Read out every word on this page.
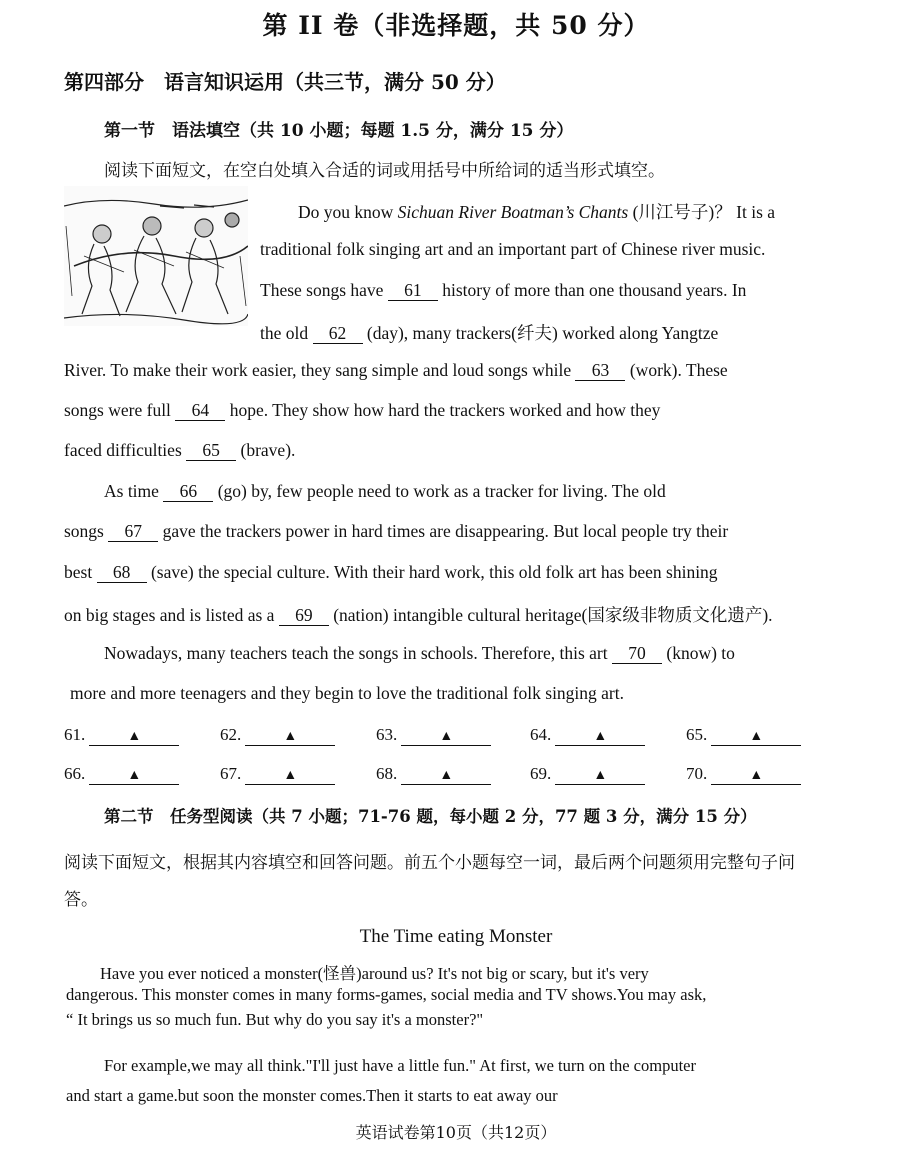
第 II 卷（非选择题，共 50 分）
第四部分　语言知识运用（共三节，满分 50 分）
第一节　语法填空（共 10 小题；每题 1.5 分，满分 15 分）
阅读下面短文，在空白处填入合适的词或用括号中所给词的适当形式填空。
Do you know Sichuan River Boatman’s Chants (川江号子)？ It is a
traditional folk singing art and an important part of Chinese river music.
These songs have 61 history of more than one thousand years. In
the old 62 (day), many trackers(纤夫) worked along Yangtze
River. To make their work easier, they sang simple and loud songs while 63 (work). These
songs were full 64 hope. They show how hard the trackers worked and how they
faced difficulties 65 (brave).
As time 66 (go) by, few people need to work as a tracker for living. The old
songs 67 gave the trackers power in hard times are disappearing. But local people try their
best 68 (save) the special culture. With their hard work, this old folk art has been shining
on big stages and is listed as a 69 (nation) intangible cultural heritage(国家级非物质文化遗产).
Nowadays, many teachers teach the songs in schools. Therefore, this art 70 (know) to
more and more teenagers and they begin to love the traditional folk singing art.
61.	▲	62.	▲	63.	▲	64.	▲	65.	▲
66.	▲	67.	▲	68.	▲	69.	▲	70.	▲
第二节　任务型阅读（共 7 小题；71-76 题，每小题 2 分，77 题 3 分，满分 15 分）
阅读下面短文，根据其内容填空和回答问题。前五个小题每空一词，最后两个问题须用完整句子问答。
The Time eating Monster
Have you ever noticed a monster(怪兽)around us? It's not big or scary, but it's very
dangerous. This monster comes in many forms-games, social media and TV shows.You may ask,
“ It brings us so much fun. But why do you say it's a monster?"
For example,we may all think."I'll just have a little fun." At first, we turn on the computer
and start a game.but soon the monster comes.Then it starts to eat away our
英语试卷第10页（共12页）
